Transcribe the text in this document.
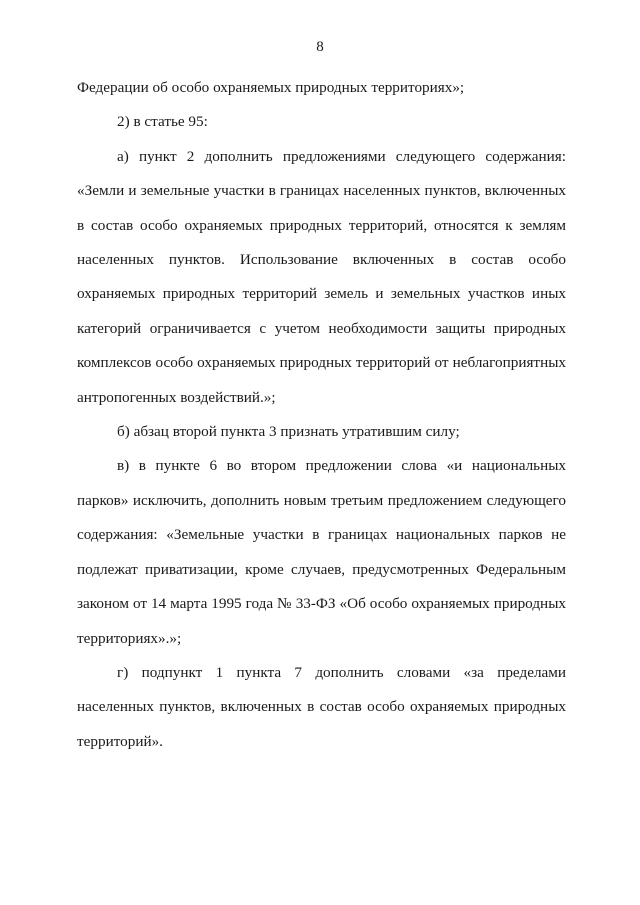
8

Федерации об особо охраняемых природных территориях»;

2) в статье 95:

а) пункт 2 дополнить предложениями следующего содержания: «Земли и земельные участки в границах населенных пунктов, включенных в состав особо охраняемых природных территорий, относятся к землям населенных пунктов. Использование включенных в состав особо охраняемых природных территорий земель и земельных участков иных категорий ограничивается с учетом необходимости защиты природных комплексов особо охраняемых природных территорий от неблагоприятных антропогенных воздействий.»;

б) абзац второй пункта 3 признать утратившим силу;

в) в пункте 6 во втором предложении слова «и национальных парков» исключить, дополнить новым третьим предложением следующего содержания: «Земельные участки в границах национальных парков не подлежат приватизации, кроме случаев, предусмотренных Федеральным законом от 14 марта 1995 года № 33-ФЗ «Об особо охраняемых природных территориях».»;

г) подпункт 1 пункта 7 дополнить словами «за пределами населенных пунктов, включенных в состав особо охраняемых природных территорий».
